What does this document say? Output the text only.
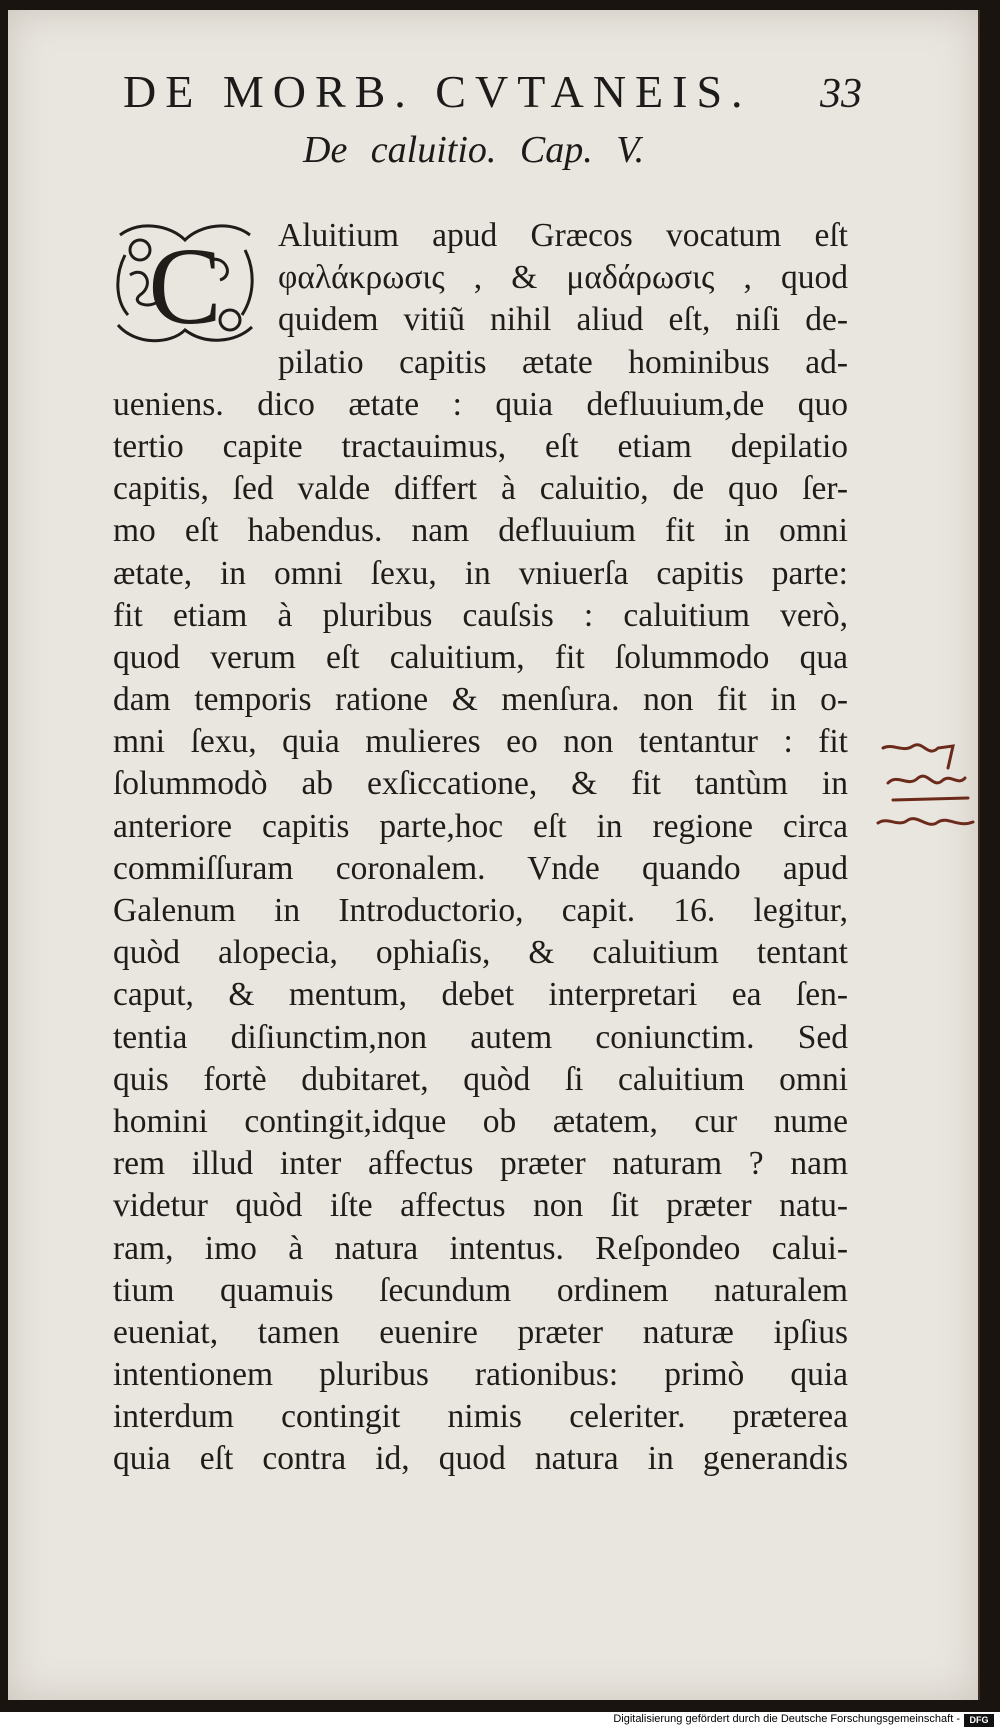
DE MORB. CVTANEIS. 33
De caluitio. Cap. V.
C	Aluitium apud Græcos vocatum eſt
φαλάκρωσις , & μαδάρωσις , quod
quidem vitiũ nihil aliud eſt, niſi de-
pilatio capitis ætate hominibus ad-
ueniens. dico ætate : quia defluuium,de quo
tertio capite tractauimus, eſt etiam depilatio
capitis, ſed valde differt à caluitio, de quo ſer-
mo eſt habendus. nam defluuium fit in omni
ætate, in omni ſexu, in vniuerſa capitis parte:
fit etiam à pluribus cauſsis : caluitium verò,
quod verum eſt caluitium, fit ſolummodo qua
dam temporis ratione & menſura. non fit in o-
mni ſexu, quia mulieres eo non tentantur : fit
ſolummodò ab exſiccatione, & fit tantùm in
anteriore capitis parte,hoc eſt in regione circa
commiſſuram coronalem. Vnde quando apud
Galenum in Introductorio, capit. 16. legitur,
quòd alopecia, ophiaſis, & caluitium tentant
caput, & mentum, debet interpretari ea ſen-
tentia diſiunctim,non autem coniunctim. Sed
quis fortè dubitaret, quòd ſi caluitium omni
homini contingit,idque ob ætatem, cur nume
rem illud inter affectus præter naturam ? nam
videtur quòd iſte affectus non ſit præter natu-
ram, imo à natura intentus. Reſpondeo calui-
tium quamuis ſecundum ordinem naturalem
eueniat, tamen euenire præter naturæ ipſius
intentionem pluribus rationibus: primò quia
interdum contingit nimis celeriter. præterea
quia eſt contra id, quod natura in generandis
Digitalisierung gefördert durch die Deutsche Forschungsgemeinschaft -	DFG
